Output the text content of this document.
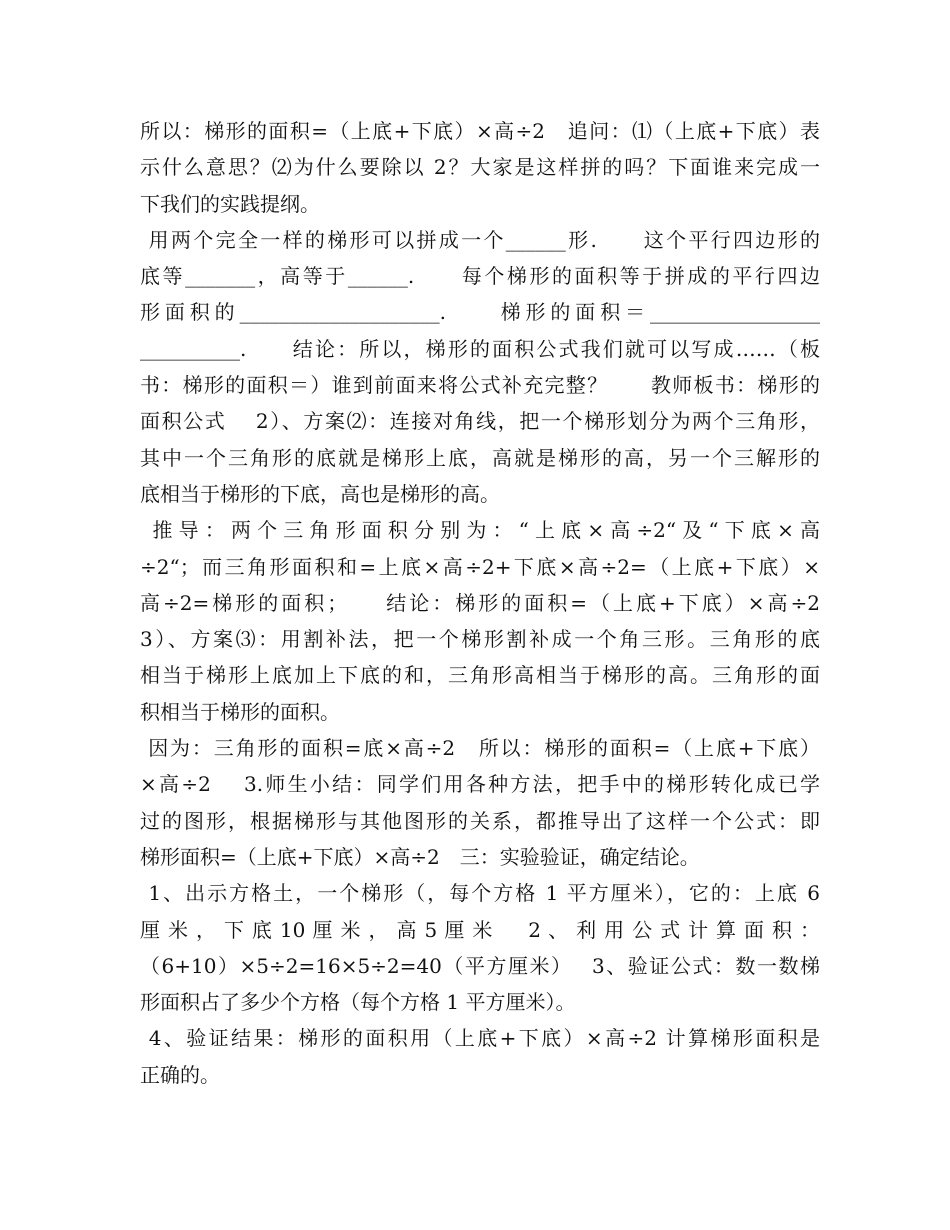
所以：梯形的面积=（上底+下底）×高÷2　追问：⑴（上底+下底）表
示什么意思？⑵为什么要除以 2？大家是这样拼的吗？下面谁来完成一
下我们的实践提纲。
用两个完全一样的梯形可以拼成一个______形.　　这个平行四边形的
底等_______，高等于______.　　每个梯形的面积等于拼成的平行四边
形面积的____________________.　　梯形的面积＝_________________
__________.　　结论：所以，梯形的面积公式我们就可以写成……（板
书：梯形的面积＝）谁到前面来将公式补充完整？　　教师板书：梯形的
面积公式　 2）、方案⑵：连接对角线，把一个梯形划分为两个三角形，
其中一个三角形的底就是梯形上底，高就是梯形的高，另一个三解形的
底相当于梯形的下底，高也是梯形的高。
推导：两个三角形面积分别为：“上底×高÷2“及“下底×高
÷2“；而三角形面积和=上底×高÷2+下底×高÷2=（上底+下底）×
高÷2=梯形的面积；　　结论：梯形的面积=（上底+下底）×高÷2
3）、方案⑶：用割补法，把一个梯形割补成一个角三形。三角形的底
相当于梯形上底加上下底的和，三角形高相当于梯形的高。三角形的面
积相当于梯形的面积。
因为：三角形的面积=底×高÷2　所以：梯形的面积=（上底+下底）
×高÷2　 3.师生小结：同学们用各种方法，把手中的梯形转化成已学
过的图形，根据梯形与其他图形的关系，都推导出了这样一个公式：即
梯形面积=（上底+下底）×高÷2　三：实验验证，确定结论。
1、出示方格土，一个梯形（，每个方格 1 平方厘米），它的：上底 6
厘 米 ， 下 底 10 厘 米 ， 高 5 厘 米 　 2 、 利 用 公 式 计 算 面 积 ：
（6+10）×5÷2=16×5÷2=40（平方厘米）　 3、验证公式：数一数梯
形面积占了多少个方格（每个方格 1 平方厘米）。
4、验证结果：梯形的面积用（上底+下底）×高÷2 计算梯形面积是
正确的。
